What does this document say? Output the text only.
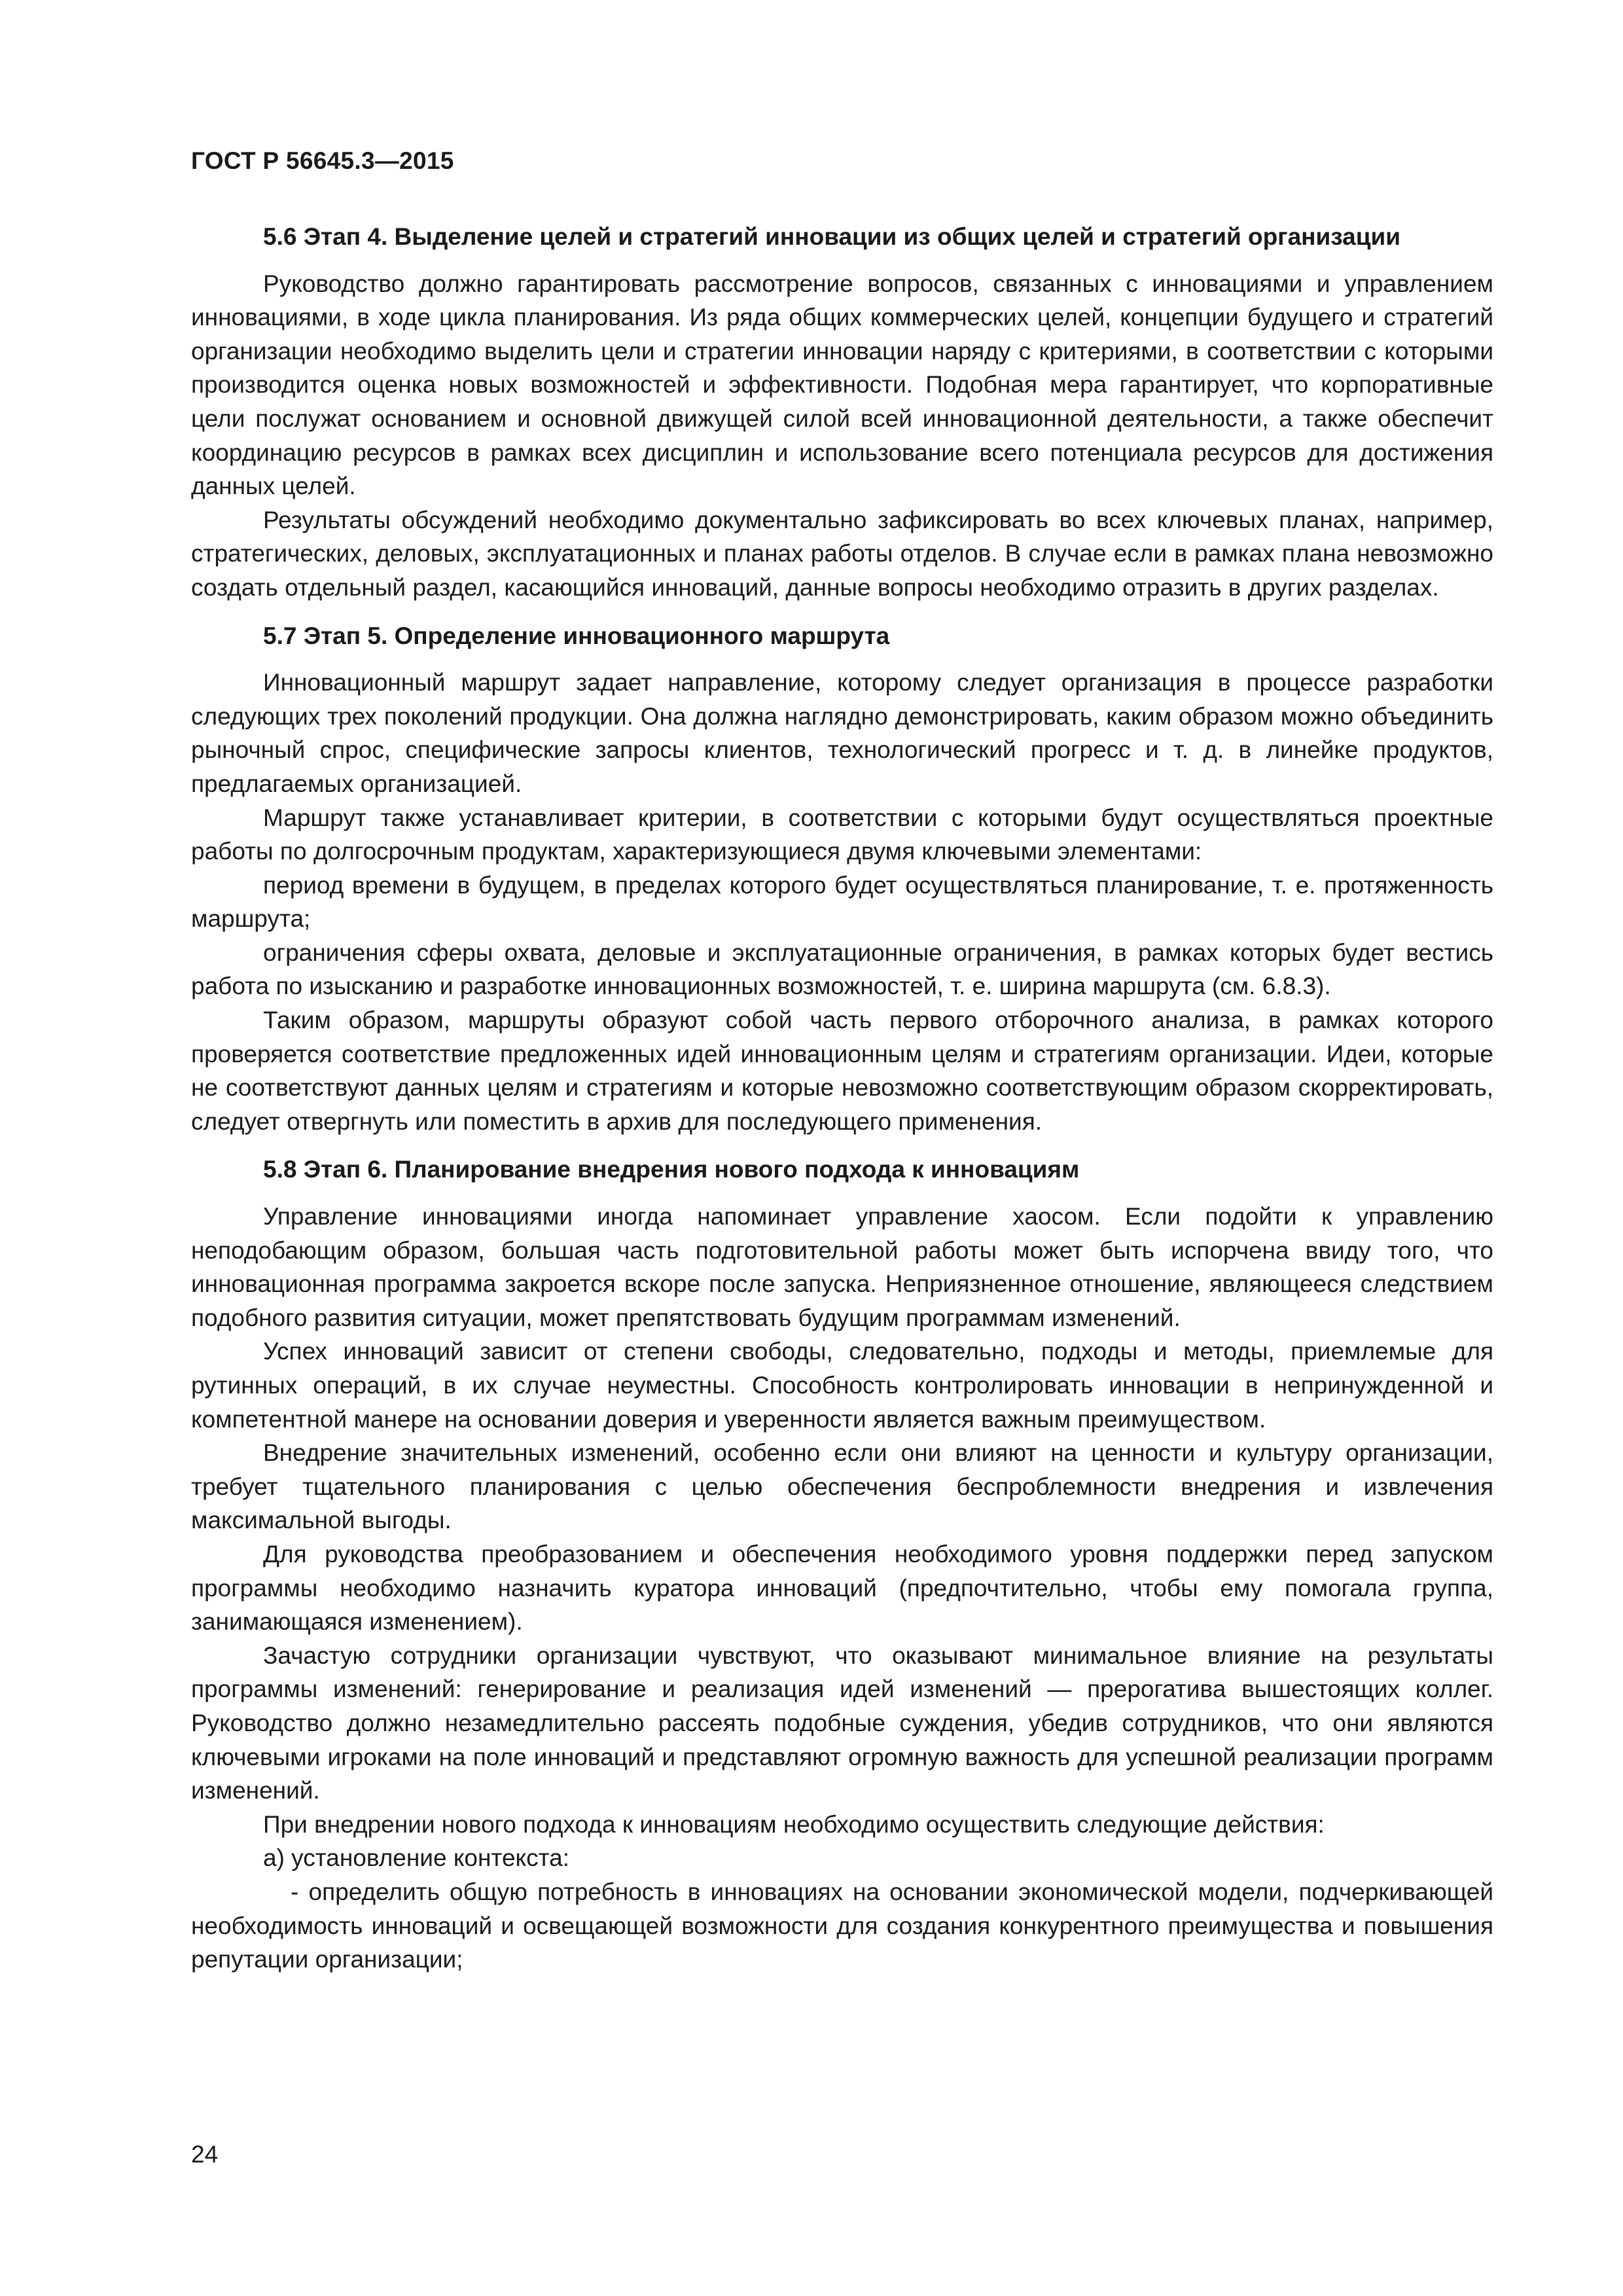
ГОСТ Р 56645.3—2015

5.6 Этап 4. Выделение целей и стратегий инновации из общих целей и стратегий организации

Руководство должно гарантировать рассмотрение вопросов, связанных с инновациями и управлением инновациями, в ходе цикла планирования. Из ряда общих коммерческих целей, концепции будущего и стратегий организации необходимо выделить цели и стратегии инновации наряду с критериями, в соответствии с которыми производится оценка новых возможностей и эффективности. Подобная мера гарантирует, что корпоративные цели послужат основанием и основной движущей силой всей инновационной деятельности, а также обеспечит координацию ресурсов в рамках всех дисциплин и использование всего потенциала ресурсов для достижения данных целей.

Результаты обсуждений необходимо документально зафиксировать во всех ключевых планах, например, стратегических, деловых, эксплуатационных и планах работы отделов. В случае если в рамках плана невозможно создать отдельный раздел, касающийся инноваций, данные вопросы необходимо отразить в других разделах.

5.7 Этап 5. Определение инновационного маршрута

Инновационный маршрут задает направление, которому следует организация в процессе разработки следующих трех поколений продукции. Она должна наглядно демонстрировать, каким образом можно объединить рыночный спрос, специфические запросы клиентов, технологический прогресс и т. д. в линейке продуктов, предлагаемых организацией.

Маршрут также устанавливает критерии, в соответствии с которыми будут осуществляться проектные работы по долгосрочным продуктам, характеризующиеся двумя ключевыми элементами:

период времени в будущем, в пределах которого будет осуществляться планирование, т. е. протяженность маршрута;

ограничения сферы охвата, деловые и эксплуатационные ограничения, в рамках которых будет вестись работа по изысканию и разработке инновационных возможностей, т. е. ширина маршрута (см. 6.8.3).

Таким образом, маршруты образуют собой часть первого отборочного анализа, в рамках которого проверяется соответствие предложенных идей инновационным целям и стратегиям организации. Идеи, которые не соответствуют данных целям и стратегиям и которые невозможно соответствующим образом скорректировать, следует отвергнуть или поместить в архив для последующего применения.

5.8 Этап 6. Планирование внедрения нового подхода к инновациям

Управление инновациями иногда напоминает управление хаосом. Если подойти к управлению неподобающим образом, большая часть подготовительной работы может быть испорчена ввиду того, что инновационная программа закроется вскоре после запуска. Неприязненное отношение, являющееся следствием подобного развития ситуации, может препятствовать будущим программам изменений.

Успех инноваций зависит от степени свободы, следовательно, подходы и методы, приемлемые для рутинных операций, в их случае неуместны. Способность контролировать инновации в непринужденной и компетентной манере на основании доверия и уверенности является важным преимуществом.

Внедрение значительных изменений, особенно если они влияют на ценности и культуру организации, требует тщательного планирования с целью обеспечения беспроблемности внедрения и извлечения максимальной выгоды.

Для руководства преобразованием и обеспечения необходимого уровня поддержки перед запуском программы необходимо назначить куратора инноваций (предпочтительно, чтобы ему помогала группа, занимающаяся изменением).

Зачастую сотрудники организации чувствуют, что оказывают минимальное влияние на результаты программы изменений: генерирование и реализация идей изменений — прерогатива вышестоящих коллег. Руководство должно незамедлительно рассеять подобные суждения, убедив сотрудников, что они являются ключевыми игроками на поле инноваций и представляют огромную важность для успешной реализации программ изменений.

При внедрении нового подхода к инновациям необходимо осуществить следующие действия:

а) установление контекста:

- определить общую потребность в инновациях на основании экономической модели, подчеркивающей необходимость инноваций и освещающей возможности для создания конкурентного преимущества и повышения репутации организации;

24
